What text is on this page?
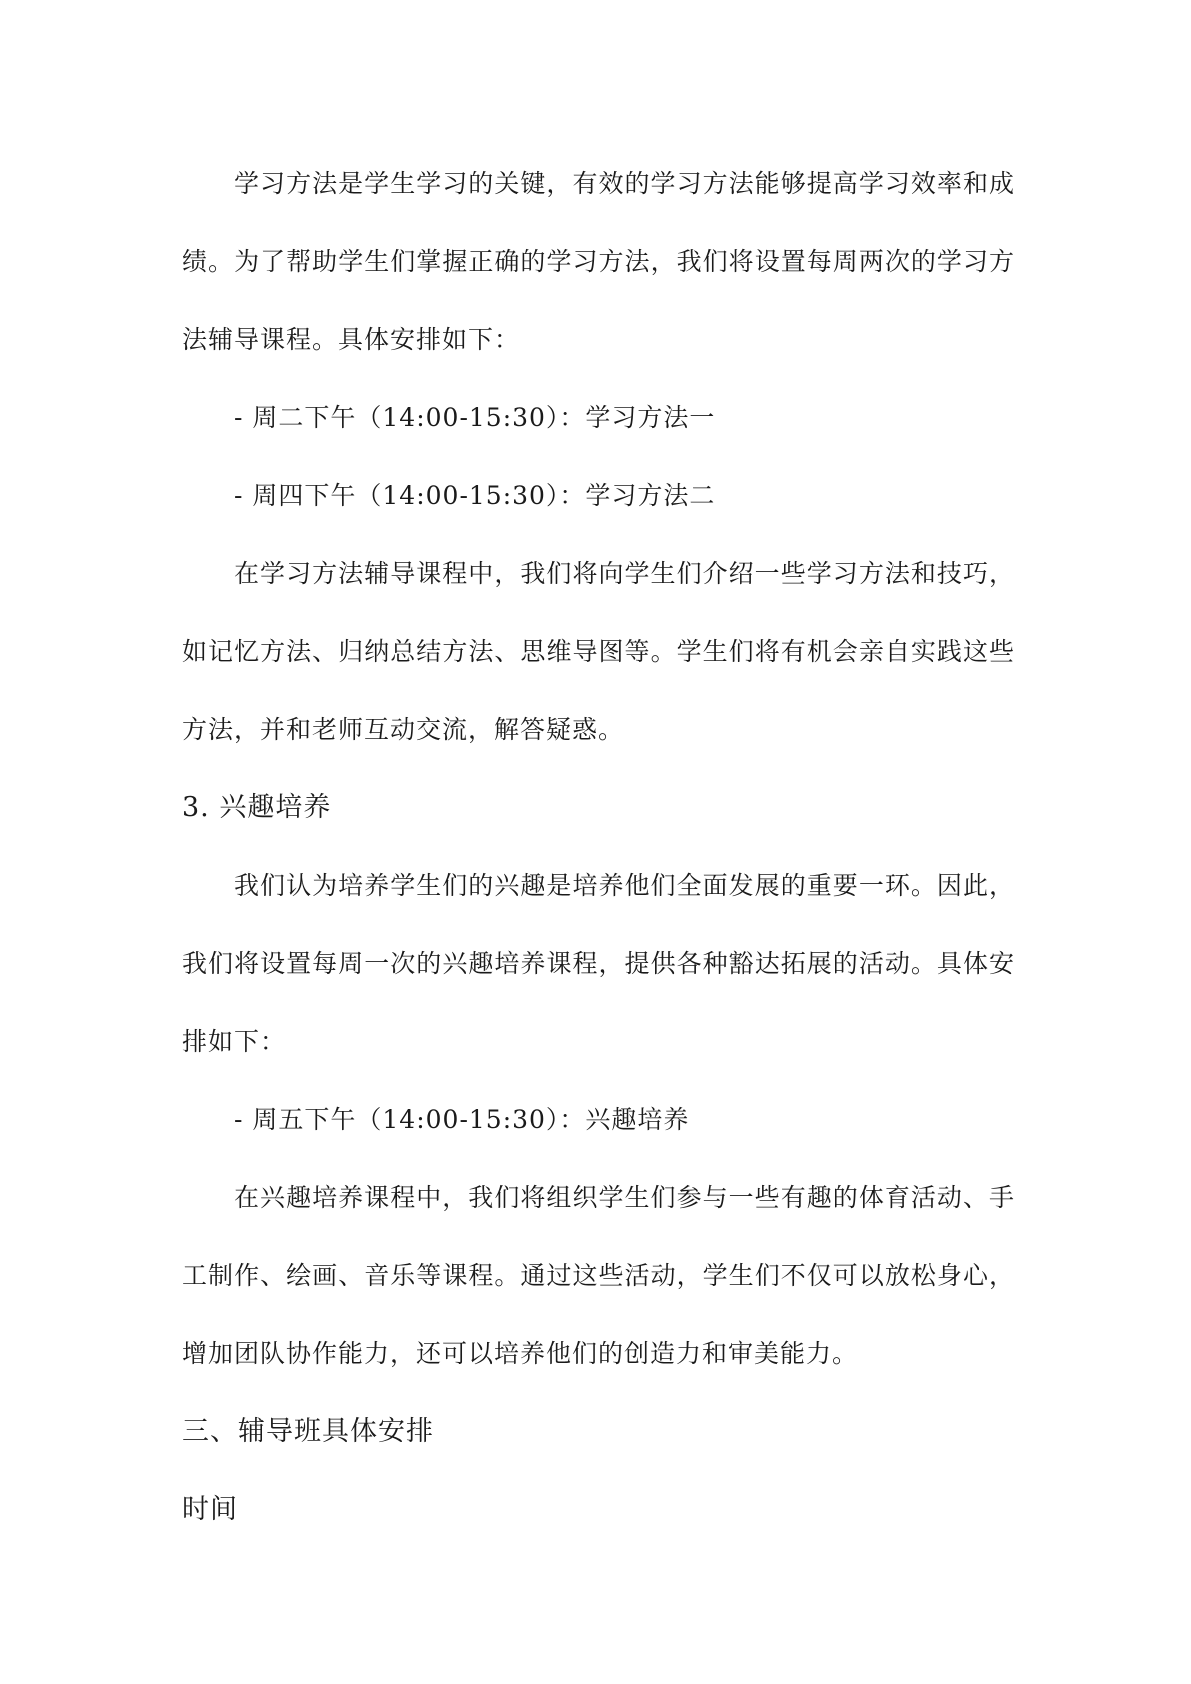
学习方法是学生学习的关键，有效的学习方法能够提高学习效率和成绩。为了帮助学生们掌握正确的学习方法，我们将设置每周两次的学习方法辅导课程。具体安排如下：

- 周二下午（14:00-15:30）：学习方法一

- 周四下午（14:00-15:30）：学习方法二

在学习方法辅导课程中，我们将向学生们介绍一些学习方法和技巧，如记忆方法、归纳总结方法、思维导图等。学生们将有机会亲自实践这些方法，并和老师互动交流，解答疑惑。

3. 兴趣培养

我们认为培养学生们的兴趣是培养他们全面发展的重要一环。因此，我们将设置每周一次的兴趣培养课程，提供各种豁达拓展的活动。具体安排如下：

- 周五下午（14:00-15:30）：兴趣培养

在兴趣培养课程中，我们将组织学生们参与一些有趣的体育活动、手工制作、绘画、音乐等课程。通过这些活动，学生们不仅可以放松身心，增加团队协作能力，还可以培养他们的创造力和审美能力。

三、辅导班具体安排

时间
